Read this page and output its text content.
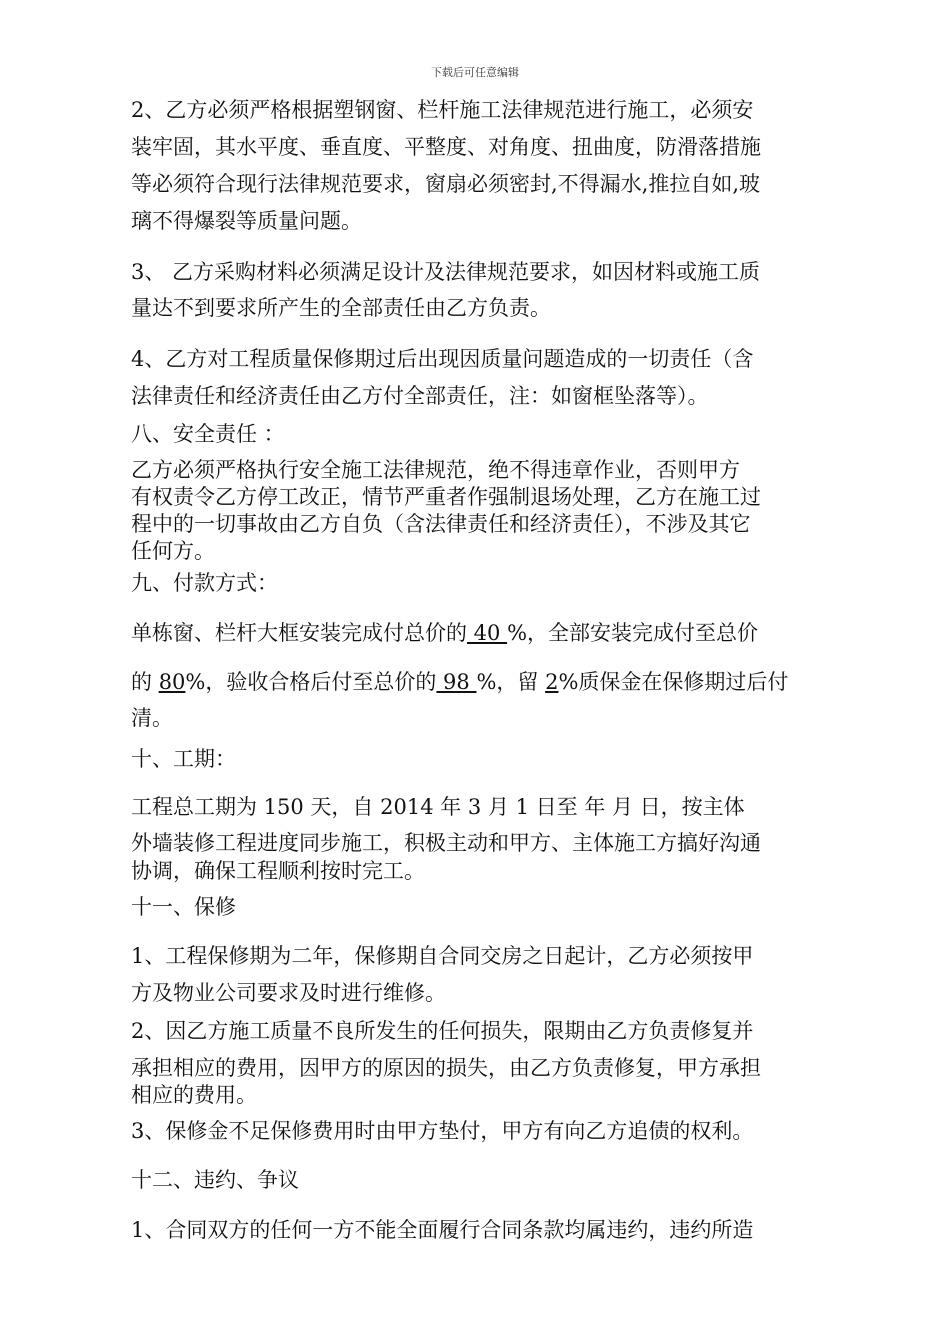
下载后可任意编辑
2、乙方必须严格根据塑钢窗、栏杆施工法律规范进行施工，必须安
装牢固，其水平度、垂直度、平整度、对角度、扭曲度，防滑落措施
等必须符合现行法律规范要求，窗扇必须密封,不得漏水,推拉自如,玻
璃不得爆裂等质量问题。
3、 乙方采购材料必须满足设计及法律规范要求，如因材料或施工质
量达不到要求所产生的全部责任由乙方负责。
4、乙方对工程质量保修期过后出现因质量问题造成的一切责任（含
法律责任和经济责任由乙方付全部责任，注：如窗框坠落等）。
八、安全责任 ：
乙方必须严格执行安全施工法律规范，绝不得违章作业，否则甲方
有权责令乙方停工改正，情节严重者作强制退场处理，乙方在施工过
程中的一切事故由乙方自负（含法律责任和经济责任），不涉及其它
任何方。
九、付款方式：
单栋窗、栏杆大框安装完成付总价的 40 %，全部安装完成付至总价
的 80%，验收合格后付至总价的 98 %，留 2%质保金在保修期过后付
清。
十、工期：
工程总工期为 150 天，自 2014 年 3 月 1 日至 年 月 日，按主体
外墙装修工程进度同步施工，积极主动和甲方、主体施工方搞好沟通
协调，确保工程顺利按时完工。
十一、保修
1、工程保修期为二年，保修期自合同交房之日起计，乙方必须按甲
方及物业公司要求及时进行维修。
2、因乙方施工质量不良所发生的任何损失，限期由乙方负责修复并
承担相应的费用，因甲方的原因的损失，由乙方负责修复，甲方承担
相应的费用。
3、保修金不足保修费用时由甲方垫付，甲方有向乙方追债的权利。
十二、违约、争议
1、合同双方的任何一方不能全面履行合同条款均属违约，违约所造
